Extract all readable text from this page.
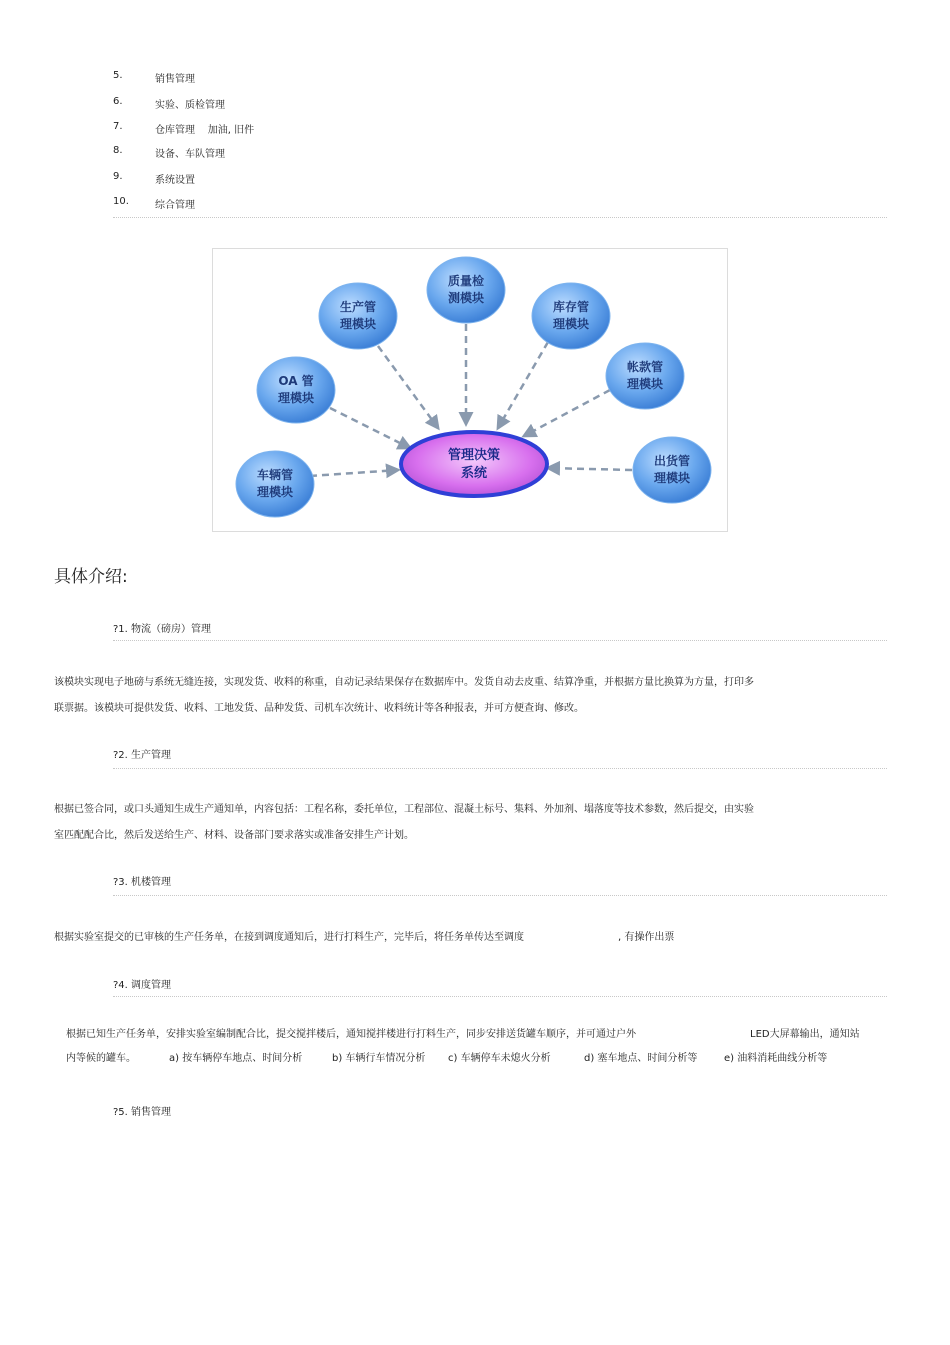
5.	销售管理
6.	实验、质检管理
7.	仓库管理    加油, 旧件
8.	设备、车队管理
9.	系统设置
10.	综合管理
管理决策
系统
质量检
测模块
生产管
理模块
库存管
理模块
OA 管
理模块
帐款管
理模块
车辆管
理模块
出货管
理模块
具体介绍:
?1. 物流（磅房）管理
该模块实现电子地磅与系统无缝连接，实现发货、收料的称重，自动记录结果保存在数据库中。发货自动去皮重、结算净重，并根据方量比换算为方量，打印多
联票据。该模块可提供发货、收料、工地发货、品种发货、司机车次统计、收料统计等各种报表，并可方便查询、修改。
?2. 生产管理
根据已签合同，或口头通知生成生产通知单，内容包括：工程名称，委托单位，工程部位、混凝土标号、集料、外加剂、塌落度等技术参数，然后提交，由实验
室匹配配合比，然后发送给生产、材料、设备部门要求落实或准备安排生产计划。
?3. 机楼管理
根据实验室提交的已审核的生产任务单，在接到调度通知后，进行打料生产，完毕后，将任务单传达至调度	, 有操作出票
?4. 调度管理
根据已知生产任务单，安排实验室编制配合比，提交搅拌楼后，通知搅拌楼进行打料生产，同步安排送货罐车顺序，并可通过户外	LED大屏幕输出，通知站
内等候的罐车。	a) 按车辆停车地点、时间分析	b) 车辆行车情况分析 c) 车辆停车未熄火分析	d) 塞车地点、时间分析等	e) 油料消耗曲线分析等
?5. 销售管理
